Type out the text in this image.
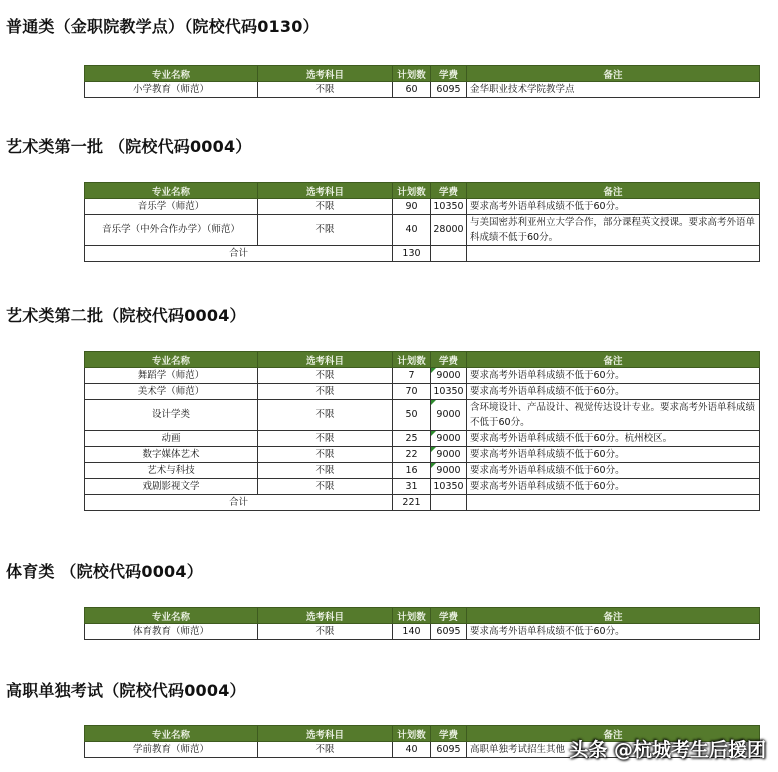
普通类（金职院教学点）（院校代码0130）
专业名称	选考科目	计划数	学费	备注
小学教育（师范）	不限	60	6095	金华职业技术学院教学点
艺术类第一批 （院校代码0004）
专业名称	选考科目	计划数	学费	备注
音乐学（师范）	不限	90	10350	要求高考外语单科成绩不低于60分。
音乐学（中外合作办学）（师范）	不限	40	28000	与美国密苏利亚州立大学合作，部分课程英文授课。要求高考外语单科成绩不低于60分。
合计		130		
艺术类第二批（院校代码0004）
专业名称	选考科目	计划数	学费	备注
舞蹈学（师范）	不限	7	9000	要求高考外语单科成绩不低于60分。
美术学（师范）	不限	70	10350	要求高考外语单科成绩不低于60分。
设计学类	不限	50	9000	含环境设计、产品设计、视觉传达设计专业。要求高考外语单科成绩不低于60分。
动画	不限	25	9000	要求高考外语单科成绩不低于60分。杭州校区。
数字媒体艺术	不限	22	9000	要求高考外语单科成绩不低于60分。
艺术与科技	不限	16	9000	要求高考外语单科成绩不低于60分。
戏剧影视文学	不限	31	10350	要求高考外语单科成绩不低于60分。
合计		221		
体育类 （院校代码0004）
专业名称	选考科目	计划数	学费	备注
体育教育（师范）	不限	140	6095	要求高考外语单科成绩不低于60分。
高职单独考试（院校代码0004）
专业名称	选考科目	计划数	学费	备注
学前教育（师范）	不限	40	6095	高职单独考试招生其他 头条 @杭城考生后援团
